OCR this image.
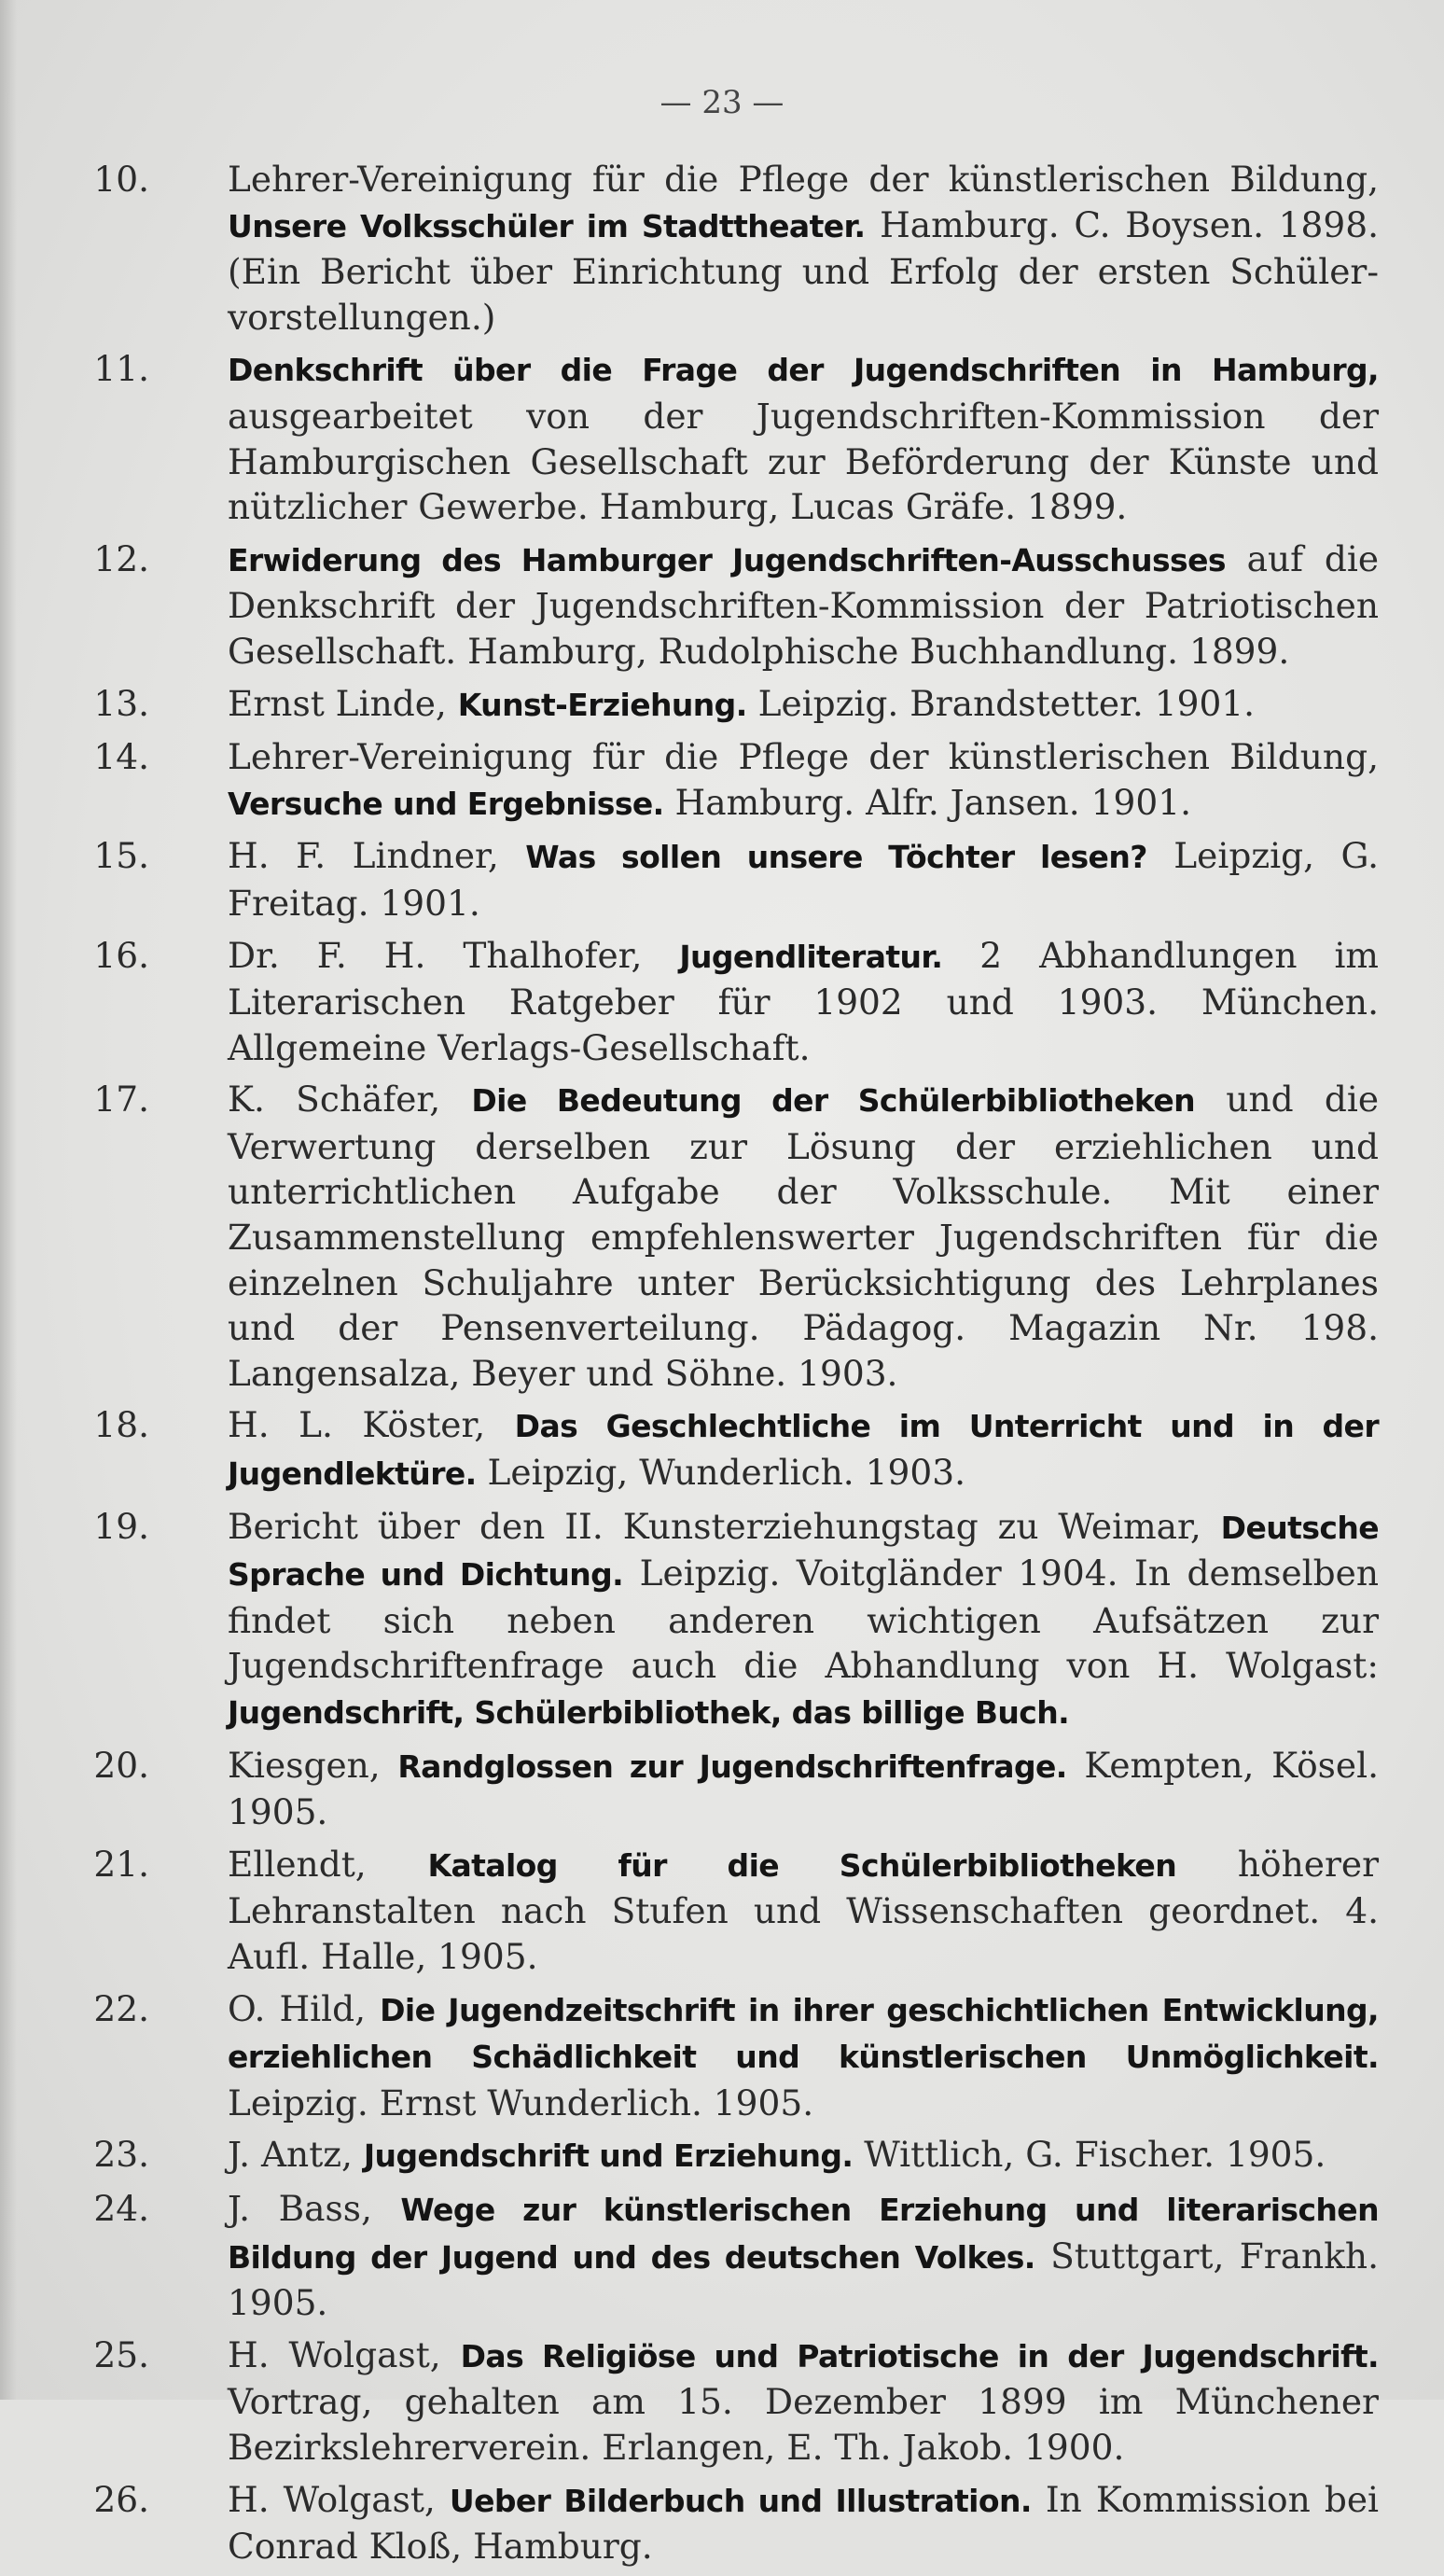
— 23 —
10. Lehrer-Vereinigung für die Pflege der künstlerischen Bildung, Unsere Volksschüler im Stadttheater. Hamburg. C. Boysen. 1898. (Ein Bericht über Einrichtung und Erfolg der ersten Schüler-vorstellungen.)
11.	Denkschrift über die Frage der Jugendschriften in Hamburg, ausgearbeitet von der Jugendschriften-Kommission der Hamburgischen Gesellschaft zur Beförderung der Künste und nützlicher Gewerbe. Hamburg, Lucas Gräfe. 1899.
12.	Erwiderung des Hamburger Jugendschriften-Ausschusses auf die Denkschrift der Jugendschriften-Kommission der Patriotischen Gesellschaft. Hamburg, Rudolphische Buchhandlung. 1899.
13. Ernst Linde, Kunst-Erziehung. Leipzig. Brandstetter. 1901.
14. Lehrer-Vereinigung für die Pflege der künstlerischen Bildung, Versuche und Ergebnisse. Hamburg. Alfr. Jansen. 1901.
15. H. F. Lindner, Was sollen unsere Töchter lesen? Leipzig, G. Freitag. 1901.
16. Dr. F. H. Thalhofer, Jugendliteratur. 2 Abhandlungen im Literarischen Ratgeber für 1902 und 1903. München. Allgemeine Verlags-Gesellschaft.
17. K. Schäfer, Die Bedeutung der Schülerbibliotheken und die Verwertung derselben zur Lösung der erziehlichen und unterrichtlichen Aufgabe der Volksschule. Mit einer Zusammenstellung empfehlenswerter Jugendschriften für die einzelnen Schuljahre unter Berücksichtigung des Lehrplanes und der Pensenverteilung. Pädagog. Magazin Nr. 198. Langensalza, Beyer und Söhne. 1903.
18. H. L. Köster, Das Geschlechtliche im Unterricht und in der Jugendlektüre. Leipzig, Wunderlich. 1903.
19. Bericht über den II. Kunsterziehungstag zu Weimar, Deutsche Sprache und Dichtung. Leipzig. Voitgländer 1904. In demselben findet sich neben anderen wichtigen Aufsätzen zur Jugendschriftenfrage auch die Abhandlung von H. Wolgast: Jugendschrift, Schülerbibliothek, das billige Buch.
20. Kiesgen, Randglossen zur Jugendschriftenfrage. Kempten, Kösel. 1905.
21. Ellendt, Katalog für die Schülerbibliotheken höherer Lehranstalten nach Stufen und Wissenschaften geordnet. 4. Aufl. Halle, 1905.
22. O. Hild, Die Jugendzeitschrift in ihrer geschichtlichen Entwicklung, erziehlichen Schädlichkeit und künstlerischen Unmöglichkeit. Leipzig. Ernst Wunderlich. 1905.
23. J. Antz, Jugendschrift und Erziehung. Wittlich, G. Fischer. 1905.
24. J. Bass, Wege zur künstlerischen Erziehung und literarischen Bildung der Jugend und des deutschen Volkes. Stuttgart, Frankh. 1905.
25. H. Wolgast, Das Religiöse und Patriotische in der Jugendschrift. Vortrag, gehalten am 15. Dezember 1899 im Münchener Bezirkslehrerverein. Erlangen, E. Th. Jakob. 1900.
26. H. Wolgast, Ueber Bilderbuch und Illustration. In Kommission bei Conrad Kloß, Hamburg.
